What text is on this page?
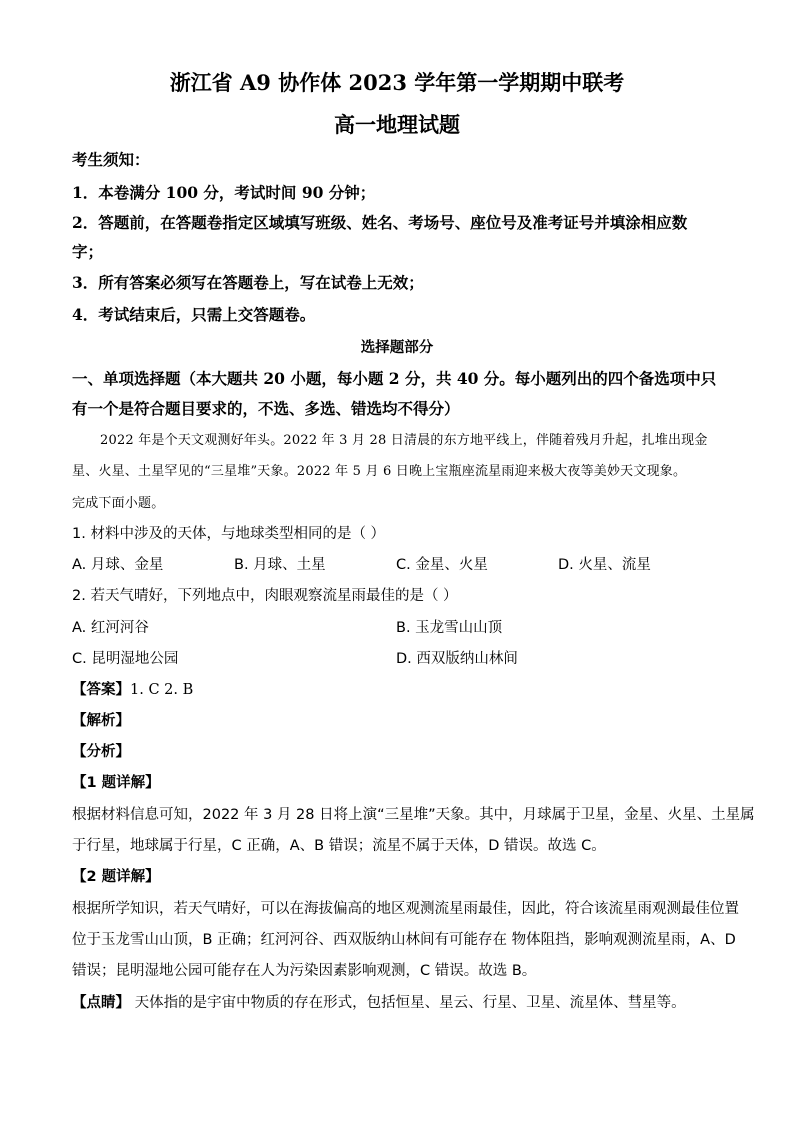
浙江省 A9 协作体 2023 学年第一学期期中联考
高一地理试题
考生须知：
1．本卷满分 100 分，考试时间 90 分钟；
2．答题前，在答题卷指定区域填写班级、姓名、考场号、座位号及准考证号并填涂相应数
字；
3．所有答案必须写在答题卷上，写在试卷上无效；
4．考试结束后，只需上交答题卷。
选择题部分
一、单项选择题（本大题共 20 小题，每小题 2 分，共 40 分。每小题列出的四个备选项中只
有一个是符合题目要求的，不选、多选、错选均不得分）
2022 年是个天文观测好年头。2022 年 3 月 28 日清晨的东方地平线上，伴随着残月升起，扎堆出现金
星、火星、土星罕见的“三星堆”天象。2022 年 5 月 6 日晚上宝瓶座流星雨迎来极大夜等美妙天文现象。
完成下面小题。
1. 材料中涉及的天体，与地球类型相同的是（ ）
A. 月球、金星	B. 月球、土星	C. 金星、火星	D. 火星、流星
2. 若天气晴好，下列地点中，肉眼观察流星雨最佳的是（ ）
A. 红河河谷	B. 玉龙雪山山顶
C. 昆明湿地公园	D. 西双版纳山林间
【答案】1. C 2. B
【解析】
【分析】
【1 题详解】
根据材料信息可知，2022 年 3 月 28 日将上演“三星堆”天象。其中，月球属于卫星，金星、火星、土星属
于行星，地球属于行星，C 正确，A、B 错误；流星不属于天体，D 错误。故选 C。
【2 题详解】
根据所学知识，若天气晴好，可以在海拔偏高的地区观测流星雨最佳，因此，符合该流星雨观测最佳位置
位于玉龙雪山山顶，B 正确；红河河谷、西双版纳山林间有可能存在 物体阻挡，影响观测流星雨，A、D
错误；昆明湿地公园可能存在人为污染因素影响观测，C 错误。故选 B。
【点睛】 天体指的是宇宙中物质的存在形式，包括恒星、星云、行星、卫星、流星体、彗星等。
